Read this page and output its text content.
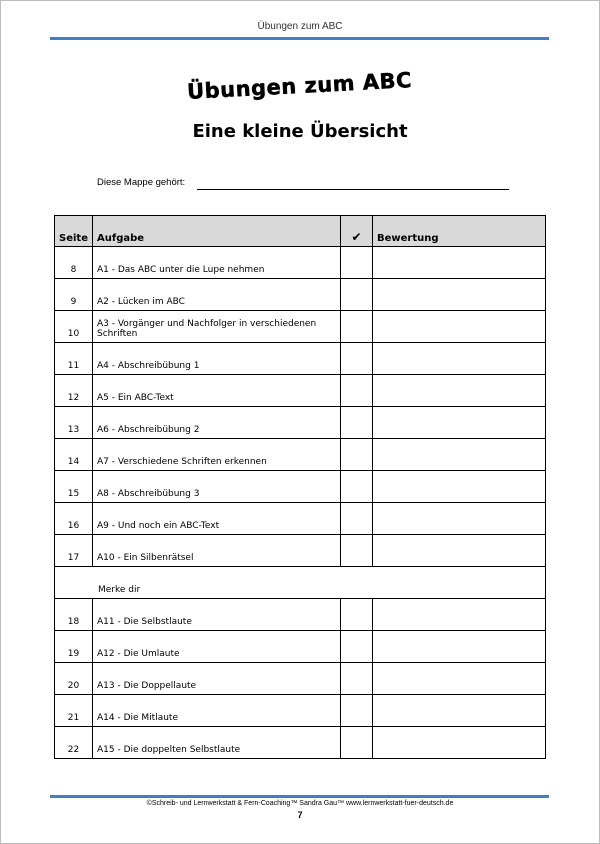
Übungen zum ABC
Übungen zum ABC
Eine kleine Übersicht
Diese Mappe gehört:
Seite	Aufgabe	✔	Bewertung
8	A1 - Das ABC unter die Lupe nehmen		
9	A2 - Lücken im ABC		
10	A3 - Vorgänger und Nachfolger in verschiedenen Schriften		
11	A4 - Abschreibübung 1		
12	A5 - Ein ABC-Text		
13	A6 - Abschreibübung 2		
14	A7 - Verschiedene Schriften erkennen		
15	A8 - Abschreibübung 3		
16	A9 - Und noch ein ABC-Text		
17	A10 - Ein Silbenrätsel		
Merke dir			
18	A11 - Die Selbstlaute		
19	A12 - Die Umlaute		
20	A13 - Die Doppellaute		
21	A14 - Die Mitlaute		
22	A15 - Die doppelten Selbstlaute		
©Schreib- und Lernwerkstatt & Fern-Coaching™ Sandra Gau™ www.lernwerkstatt-fuer-deutsch.de
7
